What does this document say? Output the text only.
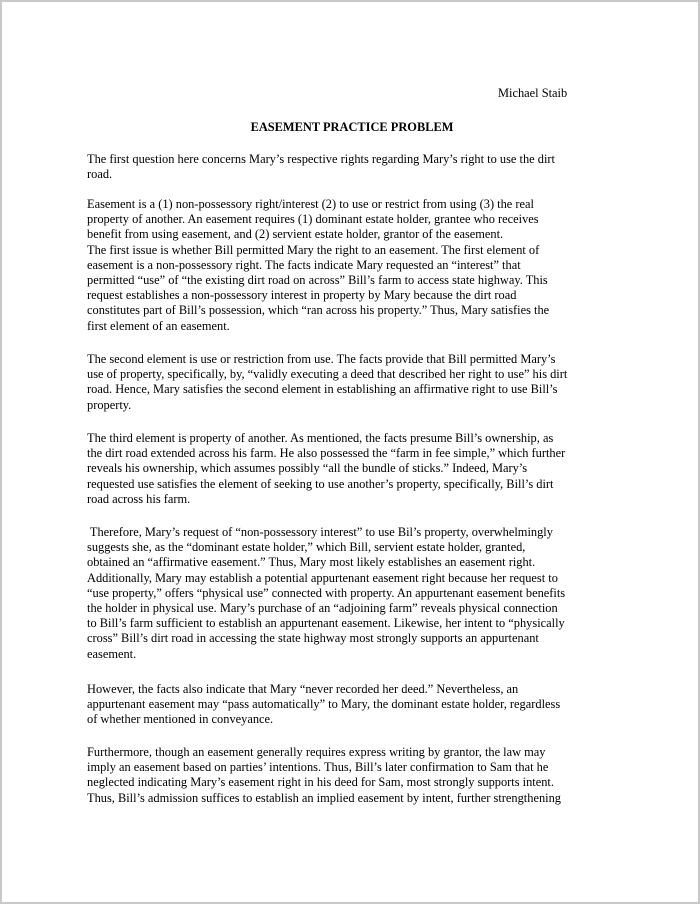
Michael Staib
EASEMENT PRACTICE PROBLEM
The first question here concerns Mary’s respective rights regarding Mary’s right to use the dirt
road.
Easement is a (1) non-possessory right/interest (2) to use or restrict from using (3) the real
property of another. An easement requires (1) dominant estate holder, grantee who receives
benefit from using easement, and (2) servient estate holder, grantor of the easement.
The first issue is whether Bill permitted Mary the right to an easement. The first element of
easement is a non-possessory right. The facts indicate Mary requested an “interest” that
permitted “use” of “the existing dirt road on across” Bill’s farm to access state highway. This
request establishes a non-possessory interest in property by Mary because the dirt road
constitutes part of Bill’s possession, which “ran across his property.” Thus, Mary satisfies the
first element of an easement.
The second element is use or restriction from use. The facts provide that Bill permitted Mary’s
use of property, specifically, by, “validly executing a deed that described her right to use” his dirt
road. Hence, Mary satisfies the second element in establishing an affirmative right to use Bill’s
property.
The third element is property of another. As mentioned, the facts presume Bill’s ownership, as
the dirt road extended across his farm. He also possessed the “farm in fee simple,” which further
reveals his ownership, which assumes possibly “all the bundle of sticks.” Indeed, Mary’s
requested use satisfies the element of seeking to use another’s property, specifically, Bill’s dirt
road across his farm.
Therefore, Mary’s request of “non-possessory interest” to use Bil’s property, overwhelmingly
suggests she, as the “dominant estate holder,” which Bill, servient estate holder, granted,
obtained an “affirmative easement.” Thus, Mary most likely establishes an easement right.
Additionally, Mary may establish a potential appurtenant easement right because her request to
“use property,” offers “physical use” connected with property. An appurtenant easement benefits
the holder in physical use. Mary’s purchase of an “adjoining farm” reveals physical connection
to Bill’s farm sufficient to establish an appurtenant easement. Likewise, her intent to “physically
cross” Bill’s dirt road in accessing the state highway most strongly supports an appurtenant
easement.
However, the facts also indicate that Mary “never recorded her deed.” Nevertheless, an
appurtenant easement may “pass automatically” to Mary, the dominant estate holder, regardless
of whether mentioned in conveyance.
Furthermore, though an easement generally requires express writing by grantor, the law may
imply an easement based on parties’ intentions. Thus, Bill’s later confirmation to Sam that he
neglected indicating Mary’s easement right in his deed for Sam, most strongly supports intent.
Thus, Bill’s admission suffices to establish an implied easement by intent, further strengthening
